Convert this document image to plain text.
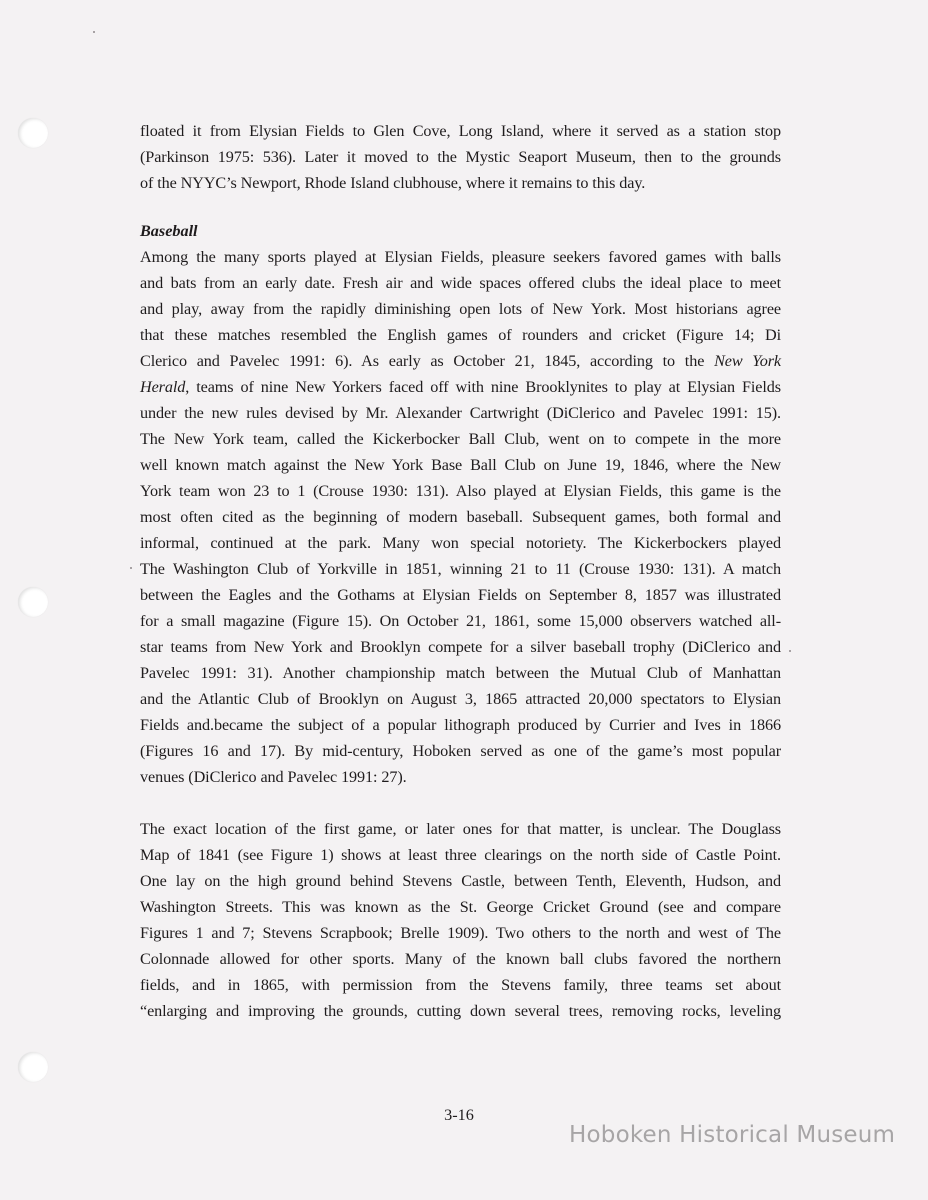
floated it from Elysian Fields to Glen Cove, Long Island, where it served as a station stop
(Parkinson 1975: 536). Later it moved to the Mystic Seaport Museum, then to the grounds
of the NYYC’s Newport, Rhode Island clubhouse, where it remains to this day.
Baseball
Among the many sports played at Elysian Fields, pleasure seekers favored games with balls
and bats from an early date. Fresh air and wide spaces offered clubs the ideal place to meet
and play, away from the rapidly diminishing open lots of New York. Most historians agree
that these matches resembled the English games of rounders and cricket (Figure 14; Di
Clerico and Pavelec 1991: 6). As early as October 21, 1845, according to the New York
Herald, teams of nine New Yorkers faced off with nine Brooklynites to play at Elysian Fields
under the new rules devised by Mr. Alexander Cartwright (DiClerico and Pavelec 1991: 15).
The New York team, called the Kickerbocker Ball Club, went on to compete in the more
well known match against the New York Base Ball Club on June 19, 1846, where the New
York team won 23 to 1 (Crouse 1930: 131). Also played at Elysian Fields, this game is the
most often cited as the beginning of modern baseball. Subsequent games, both formal and
informal, continued at the park. Many won special notoriety. The Kickerbockers played
The Washington Club of Yorkville in 1851, winning 21 to 11 (Crouse 1930: 131). A match
between the Eagles and the Gothams at Elysian Fields on September 8, 1857 was illustrated
for a small magazine (Figure 15). On October 21, 1861, some 15,000 observers watched all-
star teams from New York and Brooklyn compete for a silver baseball trophy (DiClerico and
Pavelec 1991: 31). Another championship match between the Mutual Club of Manhattan
and the Atlantic Club of Brooklyn on August 3, 1865 attracted 20,000 spectators to Elysian
Fields and.became the subject of a popular lithograph produced by Currier and Ives in 1866
(Figures 16 and 17). By mid-century, Hoboken served as one of the game’s most popular
venues (DiClerico and Pavelec 1991: 27).
The exact location of the first game, or later ones for that matter, is unclear. The Douglass
Map of 1841 (see Figure 1) shows at least three clearings on the north side of Castle Point.
One lay on the high ground behind Stevens Castle, between Tenth, Eleventh, Hudson, and
Washington Streets. This was known as the St. George Cricket Ground (see and compare
Figures 1 and 7; Stevens Scrapbook; Brelle 1909). Two others to the north and west of The
Colonnade allowed for other sports. Many of the known ball clubs favored the northern
fields, and in 1865, with permission from the Stevens family, three teams set about
“enlarging and improving the grounds, cutting down several trees, removing rocks, leveling
3-16
Hoboken Historical Museum
